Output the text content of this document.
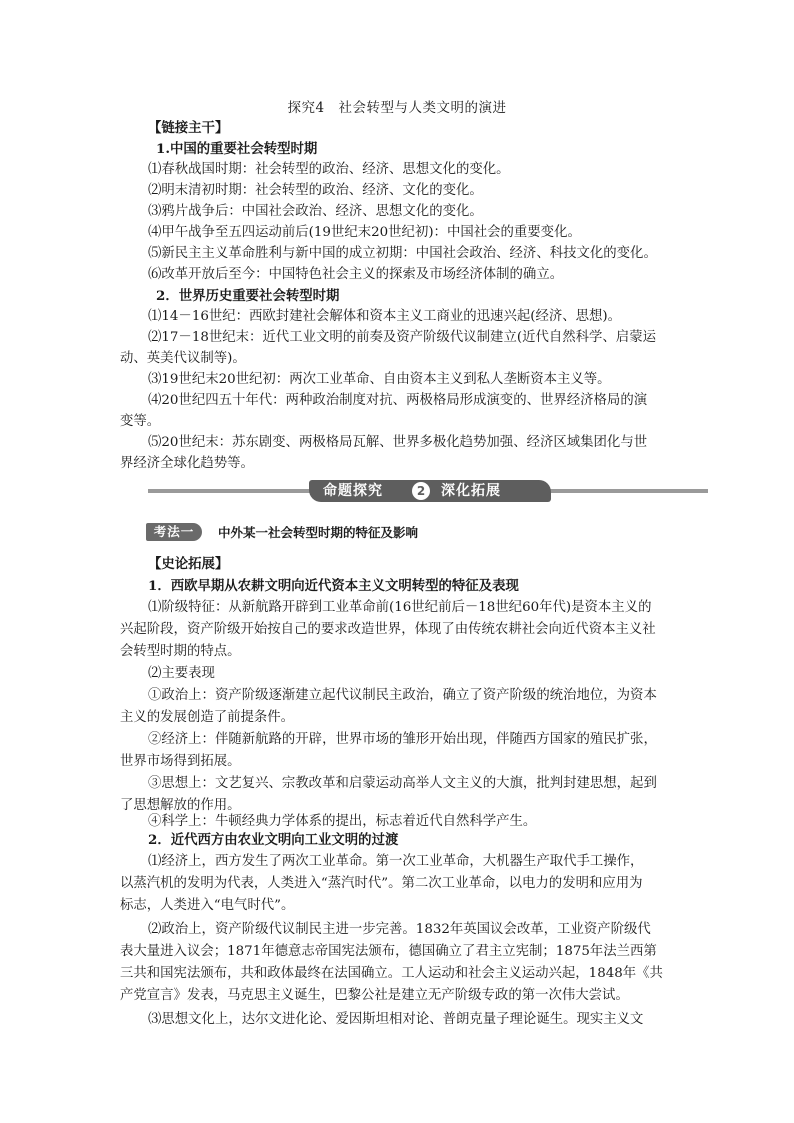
探究4　社会转型与人类文明的演进
【链接主干】
1.中国的重要社会转型时期
⑴春秋战国时期：社会转型的政治、经济、思想文化的变化。
⑵明末清初时期：社会转型的政治、经济、文化的变化。
⑶鸦片战争后：中国社会政治、经济、思想文化的变化。
⑷甲午战争至五四运动前后(19世纪末20世纪初)：中国社会的重要变化。
⑸新民主主义革命胜利与新中国的成立初期：中国社会政治、经济、科技文化的变化。
⑹改革开放后至今：中国特色社会主义的探索及市场经济体制的确立。
2．世界历史重要社会转型时期
⑴14－16世纪：西欧封建社会解体和资本主义工商业的迅速兴起(经济、思想)。
⑵17－18世纪末：近代工业文明的前奏及资产阶级代议制建立(近代自然科学、启蒙运
动、英美代议制等)。
⑶19世纪末20世纪初：两次工业革命、自由资本主义到私人垄断资本主义等。
⑷20世纪四五十年代：两种政治制度对抗、两极格局形成演变的、世界经济格局的演
变等。
⑸20世纪末：苏东剧变、两极格局瓦解、世界多极化趋势加强、经济区域集团化与世
界经济全球化趋势等。
命题探究	2	深化拓展
考法一	中外某一社会转型时期的特征及影响
【史论拓展】
1．西欧早期从农耕文明向近代资本主义文明转型的特征及表现
⑴阶级特征：从新航路开辟到工业革命前(16世纪前后－18世纪60年代)是资本主义的
兴起阶段，资产阶级开始按自己的要求改造世界，体现了由传统农耕社会向近代资本主义社
会转型时期的特点。
⑵主要表现
①政治上：资产阶级逐渐建立起代议制民主政治，确立了资产阶级的统治地位，为资本
主义的发展创造了前提条件。
②经济上：伴随新航路的开辟，世界市场的雏形开始出现，伴随西方国家的殖民扩张，
世界市场得到拓展。
③思想上：文艺复兴、宗教改革和启蒙运动高举人文主义的大旗，批判封建思想，起到
了思想解放的作用。
④科学上：牛顿经典力学体系的提出，标志着近代自然科学产生。
2．近代西方由农业文明向工业文明的过渡
⑴经济上，西方发生了两次工业革命。第一次工业革命，大机器生产取代手工操作，
以蒸汽机的发明为代表，人类进入“蒸汽时代”。第二次工业革命，以电力的发明和应用为
标志，人类进入“电气时代”。
⑵政治上，资产阶级代议制民主进一步完善。1832年英国议会改革，工业资产阶级代
表大量进入议会；1871年德意志帝国宪法颁布，德国确立了君主立宪制；1875年法兰西第
三共和国宪法颁布，共和政体最终在法国确立。工人运动和社会主义运动兴起，1848年《共
产党宣言》发表，马克思主义诞生，巴黎公社是建立无产阶级专政的第一次伟大尝试。
⑶思想文化上，达尔文进化论、爱因斯坦相对论、普朗克量子理论诞生。现实主义文
